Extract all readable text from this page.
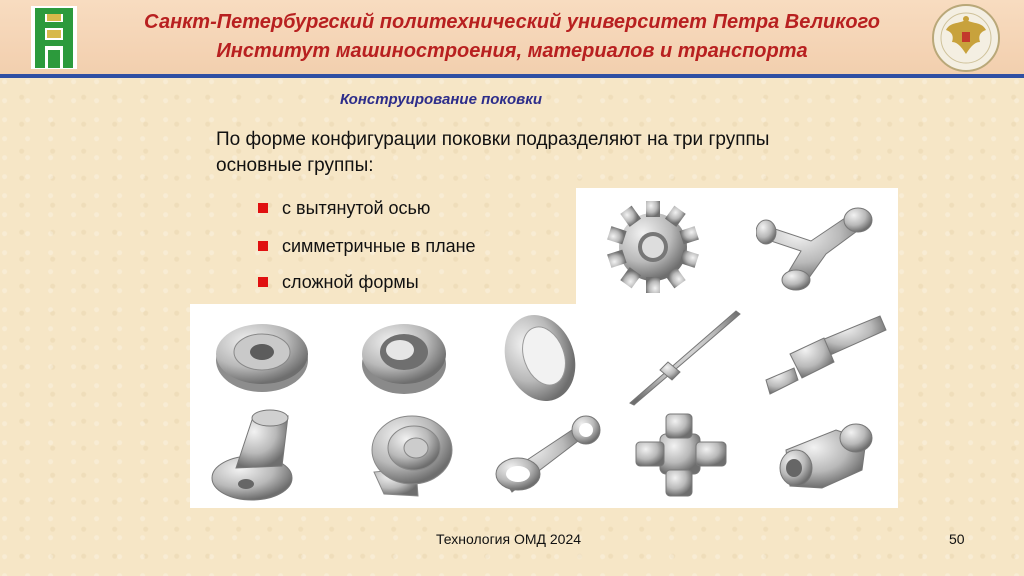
Санкт-Петербургский политехнический университет Петра Великого
Институт машиностроения, материалов и транспорта
Конструирование поковки
По форме конфигурации поковки подразделяют на три группы
основные группы:
с вытянутой осью
симметричные в плане
сложной формы
Технология ОМД 2024	50
